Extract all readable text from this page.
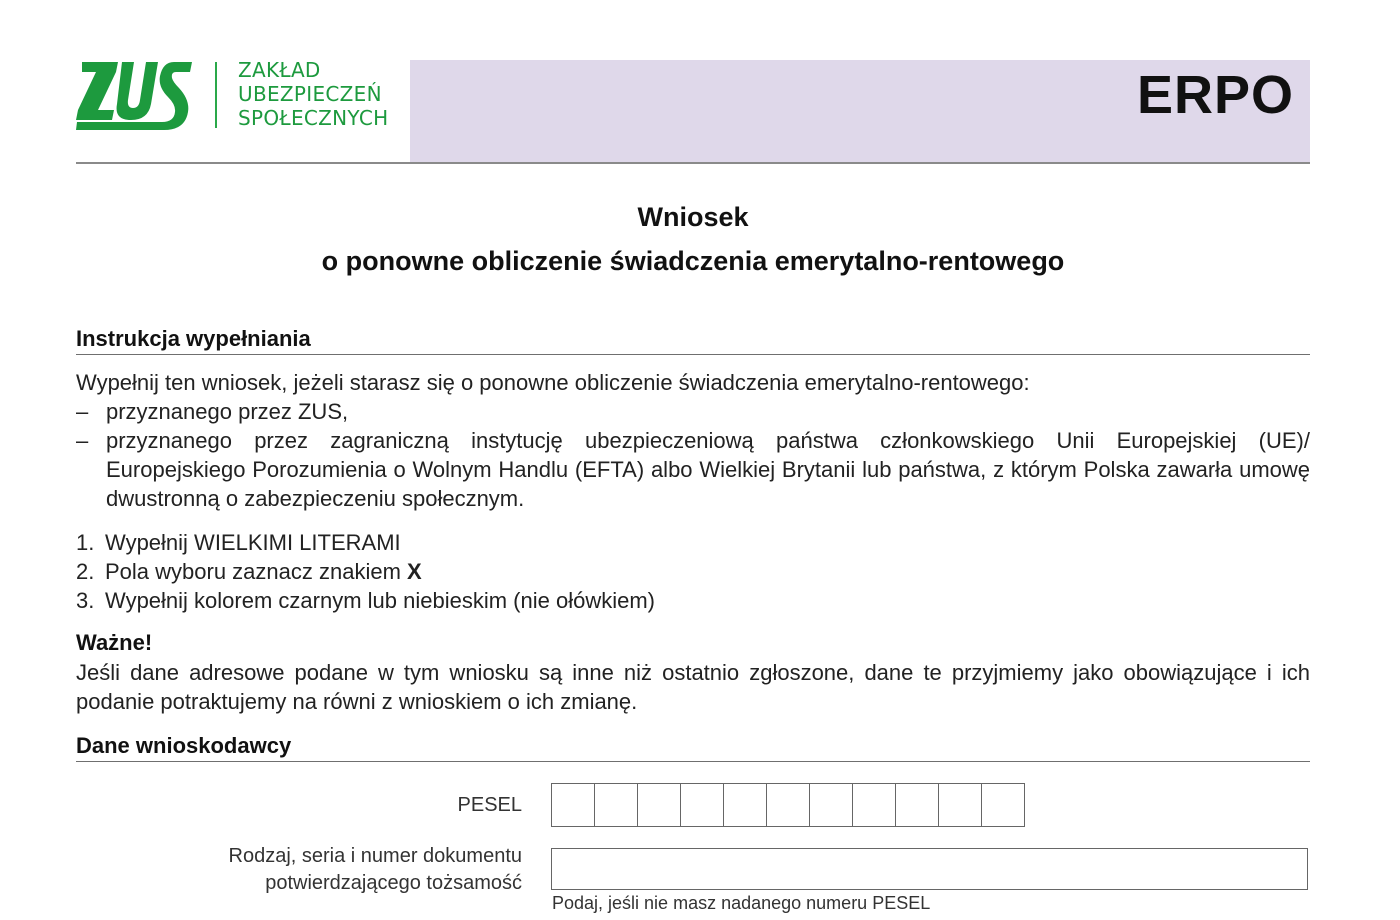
ZAKŁAD
UBEZPIECZEŃ
SPOŁECZNYCH	ERPO
Wniosek
o ponowne obliczenie świadczenia emerytalno-rentowego
Instrukcja wypełniania
Wypełnij ten wniosek, jeżeli starasz się o ponowne obliczenie świadczenia emerytalno-rentowego:
– przyznanego przez ZUS,
– przyznanego przez zagraniczną instytucję ubezpieczeniową państwa członkowskiego Unii Europejskiej (UE)/ Europejskiego Porozumienia o Wolnym Handlu (EFTA) albo Wielkiej Brytanii lub państwa, z którym Polska zawarła umowę dwustronną o zabezpieczeniu społecznym.
1. Wypełnij WIELKIMI LITERAMI
2. Pola wyboru zaznacz znakiem X
3. Wypełnij kolorem czarnym lub niebieskim (nie ołówkiem)
Ważne!
Jeśli dane adresowe podane w tym wniosku są inne niż ostatnio zgłoszone, dane te przyjmiemy jako obowiązujące i ich podanie potraktujemy na równi z wnioskiem o ich zmianę.
Dane wnioskodawcy
PESEL
Rodzaj, seria i numer dokumentu
potwierdzającego tożsamość
Podaj, jeśli nie masz nadanego numeru PESEL
